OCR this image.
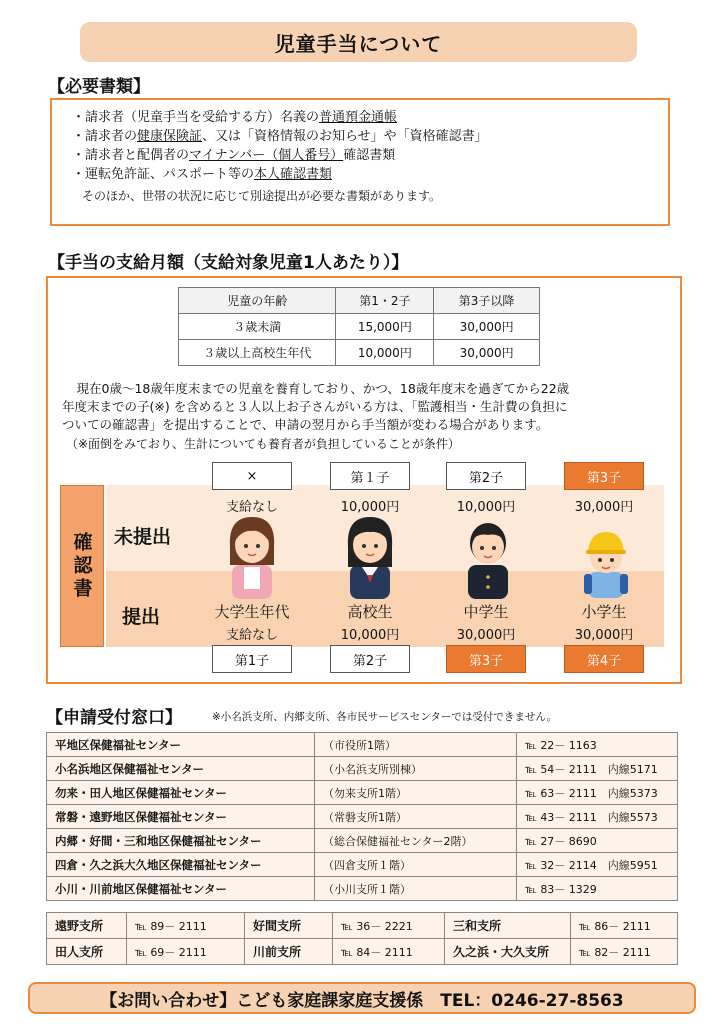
児童手当について
【必要書類】
・請求者（児童手当を受給する方）名義の普通預金通帳
・請求者の健康保険証、又は「資格情報のお知らせ」や「資格確認書」
・請求者と配偶者のマイナンバー（個人番号）確認書類
・運転免許証、パスポート等の本人確認書類
そのほか、世帯の状況に応じて別途提出が必要な書類があります。
【手当の支給月額（支給対象児童1人あたり）】
児童の年齢	第1・2子	第3子以降
３歳未満	15,000円	30,000円
３歳以上高校生年代	10,000円	30,000円
　現在0歳～18歳年度末までの児童を養育しており、かつ、18歳年度末を過ぎてから22歳
年度末までの子(※) を含めると３人以上お子さんがいる方は、「監護相当・生計費の負担に
ついての確認書」を提出することで、申請の翌月から手当額が変わる場合があります。
（※面倒をみており、生計についても養育者が負担していることが条件）
確認書	未提出
提出
×	第１子	第2子	第3子
支給なし	10,000円	10,000円	30,000円
大学生年代	高校生	中学生	小学生
支給なし	10,000円	30,000円	30,000円
第1子	第2子	第3子	第4子
【申請受付窓口】	※小名浜支所、内郷支所、各市民サービスセンターでは受付できません。
平地区保健福祉センター	（市役所1階）	℡ 22－ 1163
小名浜地区保健福祉センター	（小名浜支所別棟）	℡ 54－ 2111　内線5171
勿来・田人地区保健福祉センター	（勿来支所1階）	℡ 63－ 2111　内線5373
常磐・遠野地区保健福祉センター	（常磐支所1階）	℡ 43－ 2111　内線5573
内郷・好間・三和地区保健福祉センター	（総合保健福祉センター2階）	℡ 27－ 8690
四倉・久之浜大久地区保健福祉センター	（四倉支所１階）	℡ 32－ 2114　内線5951
小川・川前地区保健福祉センター	（小川支所１階）	℡ 83－ 1329
遠野支所	℡ 89－ 2111	好間支所	℡ 36－ 2221	三和支所	℡ 86－ 2111
田人支所	℡ 69－ 2111	川前支所	℡ 84－ 2111	久之浜・大久支所	℡ 82－ 2111
【お問い合わせ】こども家庭課家庭支援係　TEL：0246-27-8563
